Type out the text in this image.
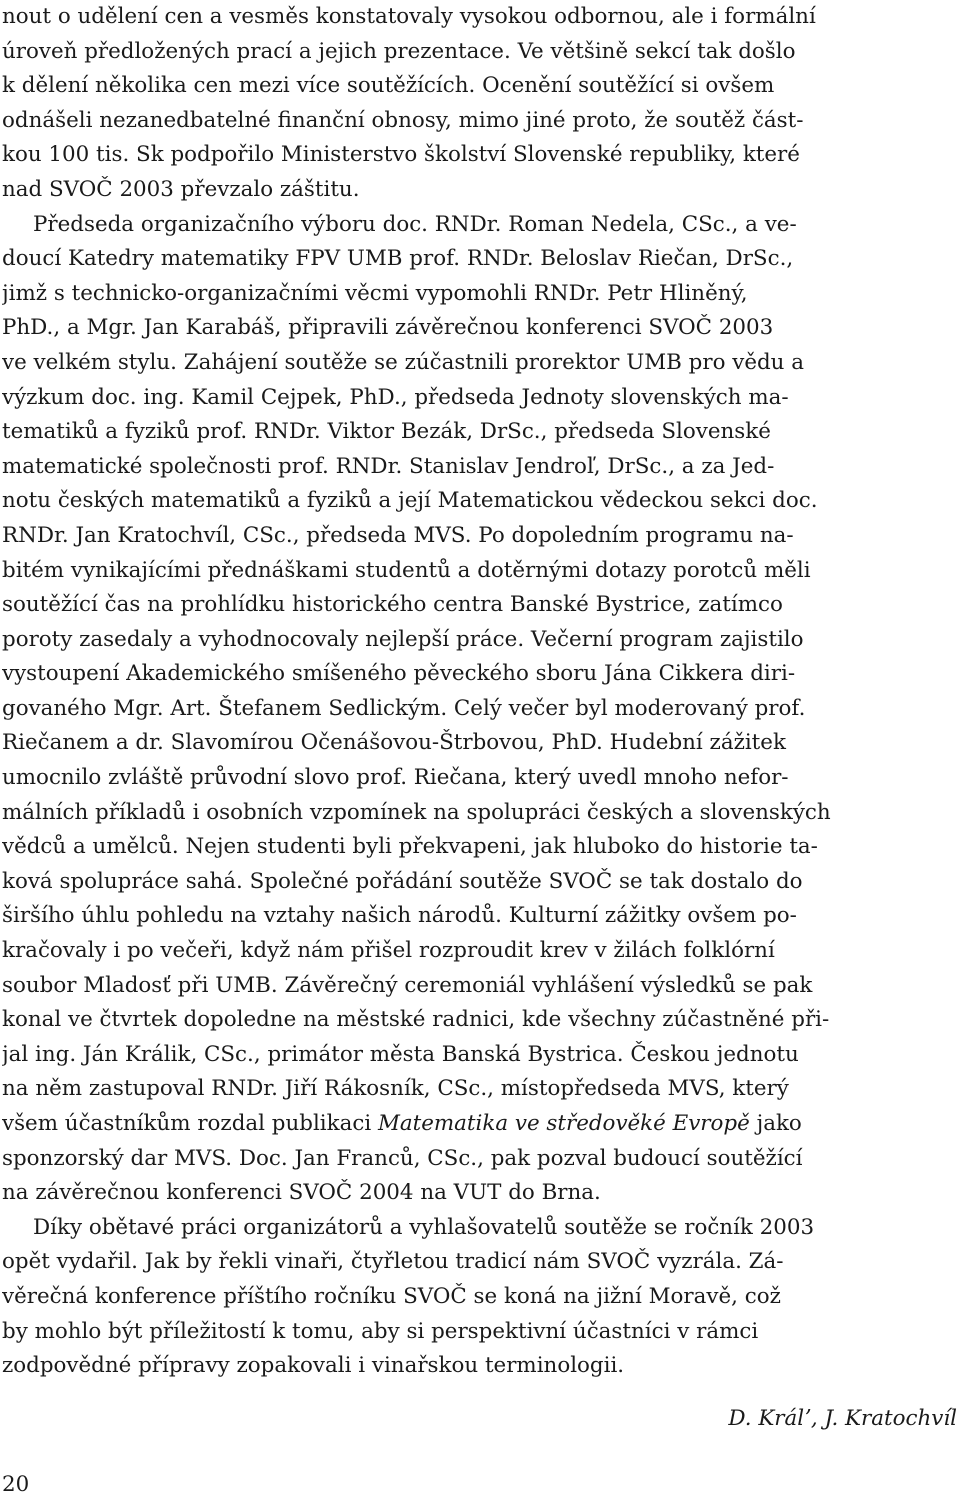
nout o udělení cen a vesměs konstatovaly vysokou odbornou, ale i formální
úroveň předložených prací a jejich prezentace. Ve většině sekcí tak došlo
k dělení několika cen mezi více soutěžících. Ocenění soutěžící si ovšem
odnášeli nezanedbatelné finanční obnosy, mimo jiné proto, že soutěž část-
kou 100 tis. Sk podpořilo Ministerstvo školství Slovenské republiky, které
nad SVOČ 2003 převzalo záštitu.
Předseda organizačního výboru doc. RNDr. Roman Nedela, CSc., a ve-
doucí Katedry matematiky FPV UMB prof. RNDr. Beloslav Riečan, DrSc.,
jimž s technicko-organizačními věcmi vypomohli RNDr. Petr Hliněný,
PhD., a Mgr. Jan Karabáš, připravili závěrečnou konferenci SVOČ 2003
ve velkém stylu. Zahájení soutěže se zúčastnili prorektor UMB pro vědu a
výzkum doc. ing. Kamil Cejpek, PhD., předseda Jednoty slovenských ma-
tematiků a fyziků prof. RNDr. Viktor Bezák, DrSc., předseda Slovenské
matematické společnosti prof. RNDr. Stanislav Jendroľ, DrSc., a za Jed-
notu českých matematiků a fyziků a její Matematickou vědeckou sekci doc.
RNDr. Jan Kratochvíl, CSc., předseda MVS. Po dopoledním programu na-
bitém vynikajícími přednáškami studentů a dotěrnými dotazy porotců měli
soutěžící čas na prohlídku historického centra Banské Bystrice, zatímco
poroty zasedaly a vyhodnocovaly nejlepší práce. Večerní program zajistilo
vystoupení Akademického smíšeného pěveckého sboru Jána Cikkera diri-
govaného Mgr. Art. Štefanem Sedlickým. Celý večer byl moderovaný prof.
Riečanem a dr. Slavomírou Očenášovou-Štrbovou, PhD. Hudební zážitek
umocnilo zvláště průvodní slovo prof. Riečana, který uvedl mnoho nefor-
málních příkladů i osobních vzpomínek na spolupráci českých a slovenských
vědců a umělců. Nejen studenti byli překvapeni, jak hluboko do historie ta-
ková spolupráce sahá. Společné pořádání soutěže SVOČ se tak dostalo do
širšího úhlu pohledu na vztahy našich národů. Kulturní zážitky ovšem po-
kračovaly i po večeři, když nám přišel rozproudit krev v žilách folklórní
soubor Mladosť při UMB. Závěrečný ceremoniál vyhlášení výsledků se pak
konal ve čtvrtek dopoledne na městské radnici, kde všechny zúčastněné při-
jal ing. Ján Králik, CSc., primátor města Banská Bystrica. Českou jednotu
na něm zastupoval RNDr. Jiří Rákosník, CSc., místopředseda MVS, který
všem účastníkům rozdal publikaci Matematika ve středověké Evropě jako
sponzorský dar MVS. Doc. Jan Franců, CSc., pak pozval budoucí soutěžící
na závěrečnou konferenci SVOČ 2004 na VUT do Brna.
Díky obětavé práci organizátorů a vyhlašovatelů soutěže se ročník 2003
opět vydařil. Jak by řekli vinaři, čtyřletou tradicí nám SVOČ vyzrála. Zá-
věrečná konference příštího ročníku SVOČ se koná na jižní Moravě, což
by mohlo být příležitostí k tomu, aby si perspektivní účastníci v rámci
zodpovědné přípravy zopakovali i vinařskou terminologii.
D. Králʼ, J. Kratochvíl
20
